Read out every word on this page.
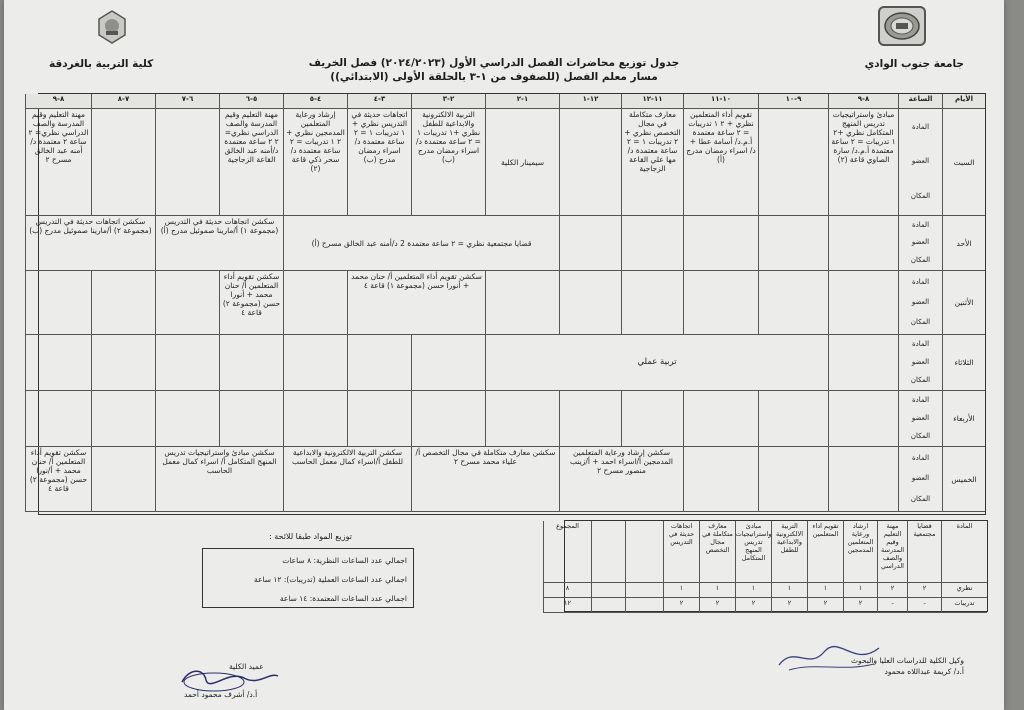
جامعة جنوب الوادي
كلية التربية بالغردقة	جدول توزيع محاضرات الفصل الدراسي الأول (٢٠٢٤/٢٠٢٣) فصل الخريف
مسار معلم الفصل (للصفوف من ١-٣ بالحلقة الأولى (الابتدائي))
الأيام
الساعة
٨-٩
٩-١٠
١٠-١١
١١-١٢
١٢-١
١-٢
٢-٣
٣-٤
٤-٥
٥-٦
٦-٧
٧-٨
٨-٩
السبت
الأحد
الأثنين
الثلاثاء
الأربعاء
الخميس
المادة
العضو
المكان
المادة
العضو
المكان
المادة
العضو
المكان
المادة
العضو
المكان
المادة
العضو
المكان
المادة
العضو
المكان
مبادئ واستراتيجيات تدريس المنهج المتكامل نظري +٢ ١ تدريبات = ٢ ساعة معتمدة أ.م.د/ سارة الصاوي قاعة (٢)
تقويم أداء المتعلمين نظري + ٢ ١ تدريبات = ٢ ساعة معتمدة أ.م.د/ أسامة عطا + د/ اسراء رمضان مدرج (أ)
معارف متكاملة في مجال التخصص نظري + ٢ تدريبات ١ = ٢ ساعة معتمدة د/مها علي القاعة الزجاجية
سيمينار الكلية
التربية الالكترونية والابداعية للطفل نظري +١ تدريبات ١ = ٢ ساعة معتمدة د/ اسراء رمضان مدرج (ب)
اتجاهات حديثة في التدريس نظري + ١ تدريبات ١ = ٢ ساعة معتمدة د/ اسراء رمضان مدرج (ب)
إرشاد ورعاية المتعلمين المدمجين نظري + ٢ ١ تدريبات = ٢ ساعة معتمدة د/سحر ذكي قاعة (٢)
مهنة التعليم وقيم المدرسة والصف الدراسي نظري= ٢ ٢ ساعة معتمدة د/أمنه عبد الخالق القاعة الزجاجية
مهنة التعليم وقيم المدرسة والصف الدراسي نظري= ٢ ساعة ٢ معتمدة د/أمنه عبد الخالق مسرح ٢
قضايا مجتمعية نظري = ٢ ساعة معتمدة 2 د/أمنه عبد الخالق مسرح (أ)
سكشن اتجاهات حديثة في التدريس (مجموعة ١) أ/مارينا صموئيل مدرج (أ)
سكشن اتجاهات حديثة في التدريس (مجموعة ٢) أ/مارينا صموئيل مدرج (ب)
سكشن تقويم أداء المتعلمين أ/ حنان محمد + أنورا حسن (مجموعة ١) قاعة ٤
سكشن تقويم أداء المتعلمين أ/ حنان محمد + أنورا حسن (مجموعة ٢) قاعة ٤
تربية عملي
سكشن إرشاد ورعاية المتعلمين المدمجين أ/اسراء احمد + أ/زينب منصور مسرح ٢
سكشن معارف متكاملة في مجال التخصص أ/علياء محمد مسرح ٢
سكشن التربية الالكترونية والابداعية للطفل أ/اسراء كمال معمل الحاسب
سكشن مبادئ واستراتيجيات تدريس المنهج المتكامل أ/ اسراء كمال معمل الحاسب
سكشن تقويم أداء المتعلمين أ/ حنان محمد + أ/نورا حسن (مجموعة ٢) قاعة ٤
المادة
قضايا مجتمعية
مهنة التعليم وقيم المدرسة والصف الدراسي
ارشاد ورعاية المتعلمين المدمجين
تقويم اداء المتعلمين
التربية الالكترونية والابداعية للطفل
مبادئ واستراتيجيات تدريس المنهج المتكامل
معارف متكاملة في مجال التخصص
اتجاهات حديثة في التدريس
المجموع
نظري
٢
٢
١
١
١
١
١
١
٨
تدريبات
-
-
٢
٢
٢
٢
٢
٢
١٢
توزيع المواد طبقا للائحة :
اجمالي عدد الساعات النظرية: ٨ ساعات
اجمالي عدد الساعات العملية (تدريبات): ١٢ ساعة
اجمالي عدد الساعات المعتمدة: ١٤ ساعة
وكيل الكلية للدراسات العليا والبحوث
أ.د/ كريمة عبداللاه محمود
عميد الكلية
أ.د/ أشرف محمود أحمد
